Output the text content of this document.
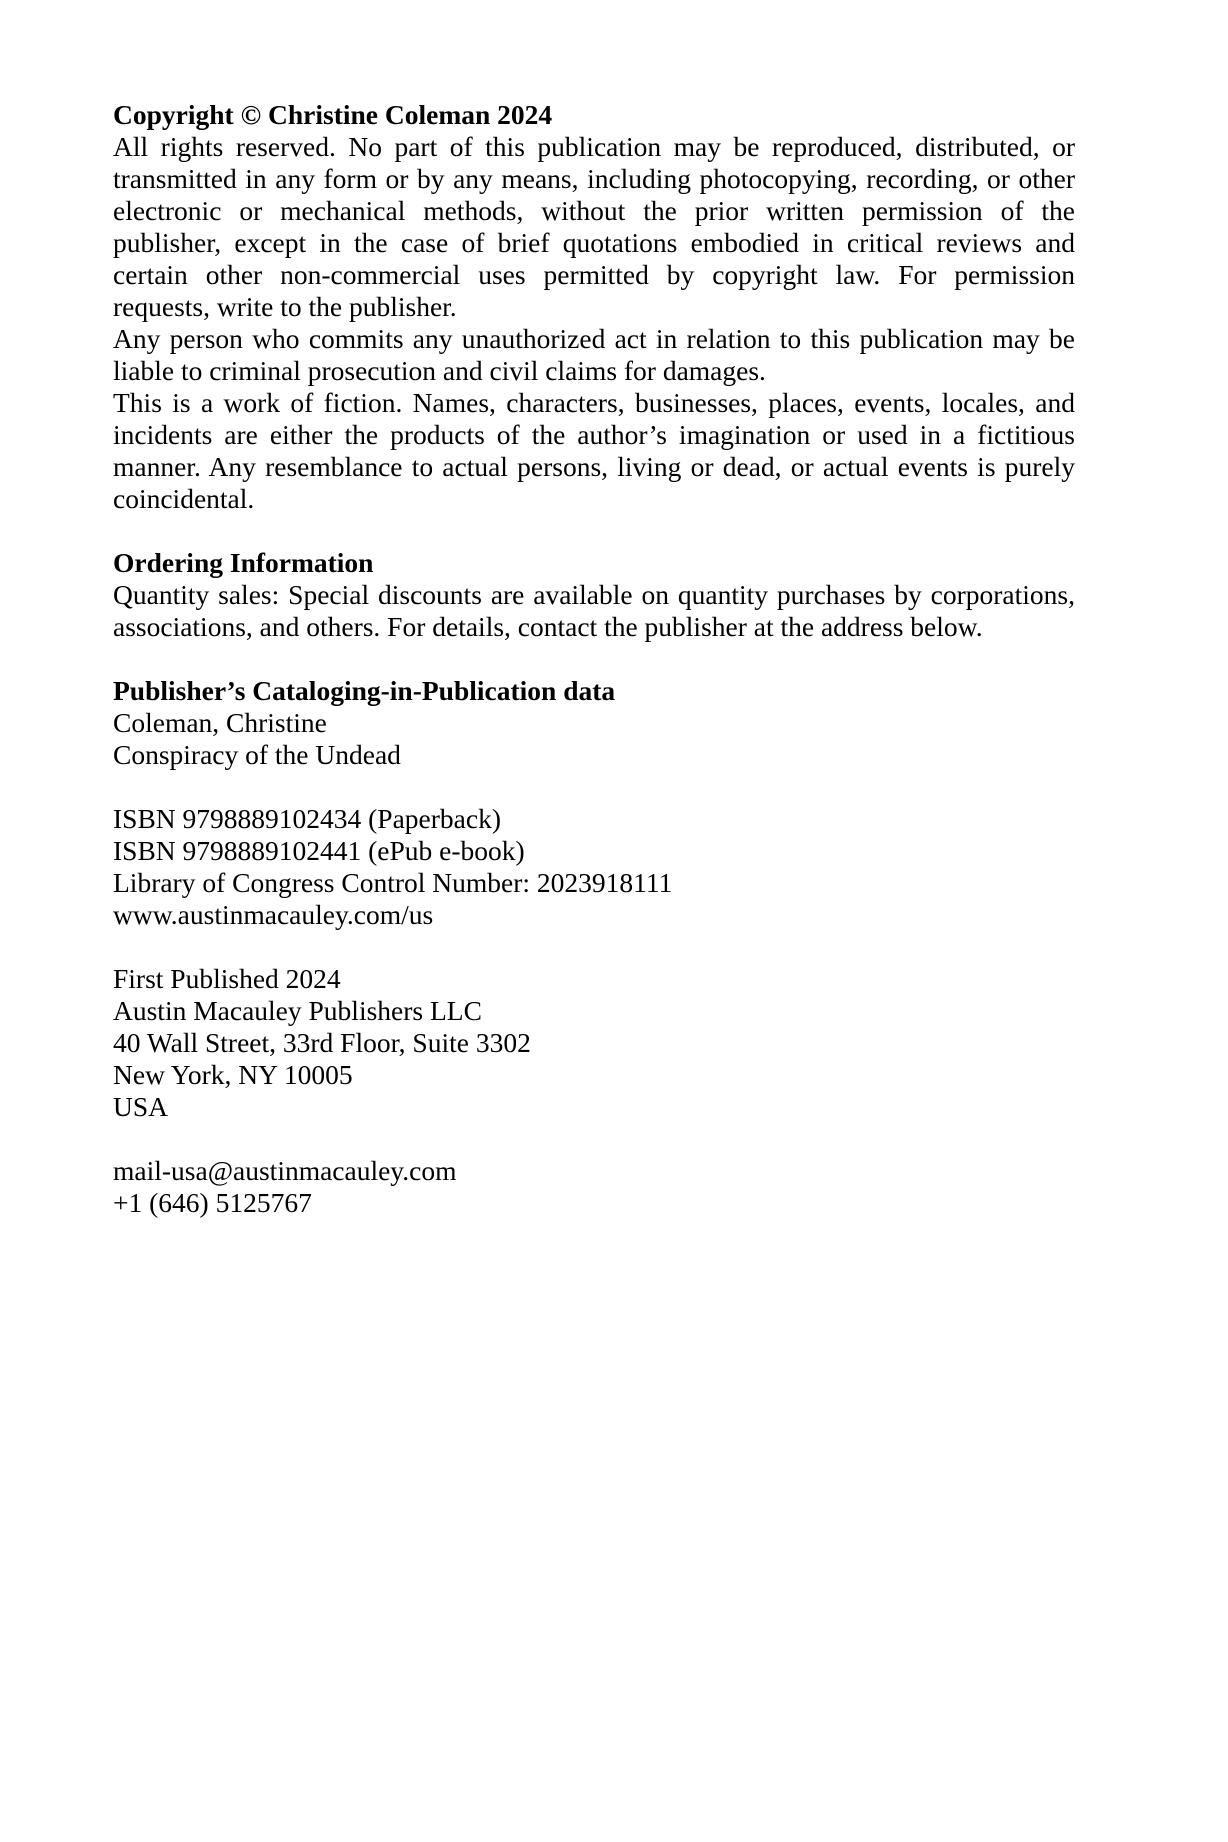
Copyright © Christine Coleman 2024

All rights reserved. No part of this publication may be reproduced, distributed, or transmitted in any form or by any means, including photocopying, recording, or other electronic or mechanical methods, without the prior written permission of the publisher, except in the case of brief quotations embodied in critical reviews and certain other non-commercial uses permitted by copyright law. For permission requests, write to the publisher.

Any person who commits any unauthorized act in relation to this publication may be liable to criminal prosecution and civil claims for damages.

This is a work of fiction. Names, characters, businesses, places, events, locales, and incidents are either the products of the author’s imagination or used in a fictitious manner. Any resemblance to actual persons, living or dead, or actual events is purely coincidental.

Ordering Information

Quantity sales: Special discounts are available on quantity purchases by corporations, associations, and others. For details, contact the publisher at the address below.

Publisher’s Cataloging-in-Publication data

Coleman, Christine

Conspiracy of the Undead

ISBN 9798889102434 (Paperback)

ISBN 9798889102441 (ePub e-book)

Library of Congress Control Number: 2023918111

www.austinmacauley.com/us

First Published 2024

Austin Macauley Publishers LLC

40 Wall Street, 33rd Floor, Suite 3302

New York, NY 10005

USA

mail-usa@austinmacauley.com

+1 (646) 5125767
